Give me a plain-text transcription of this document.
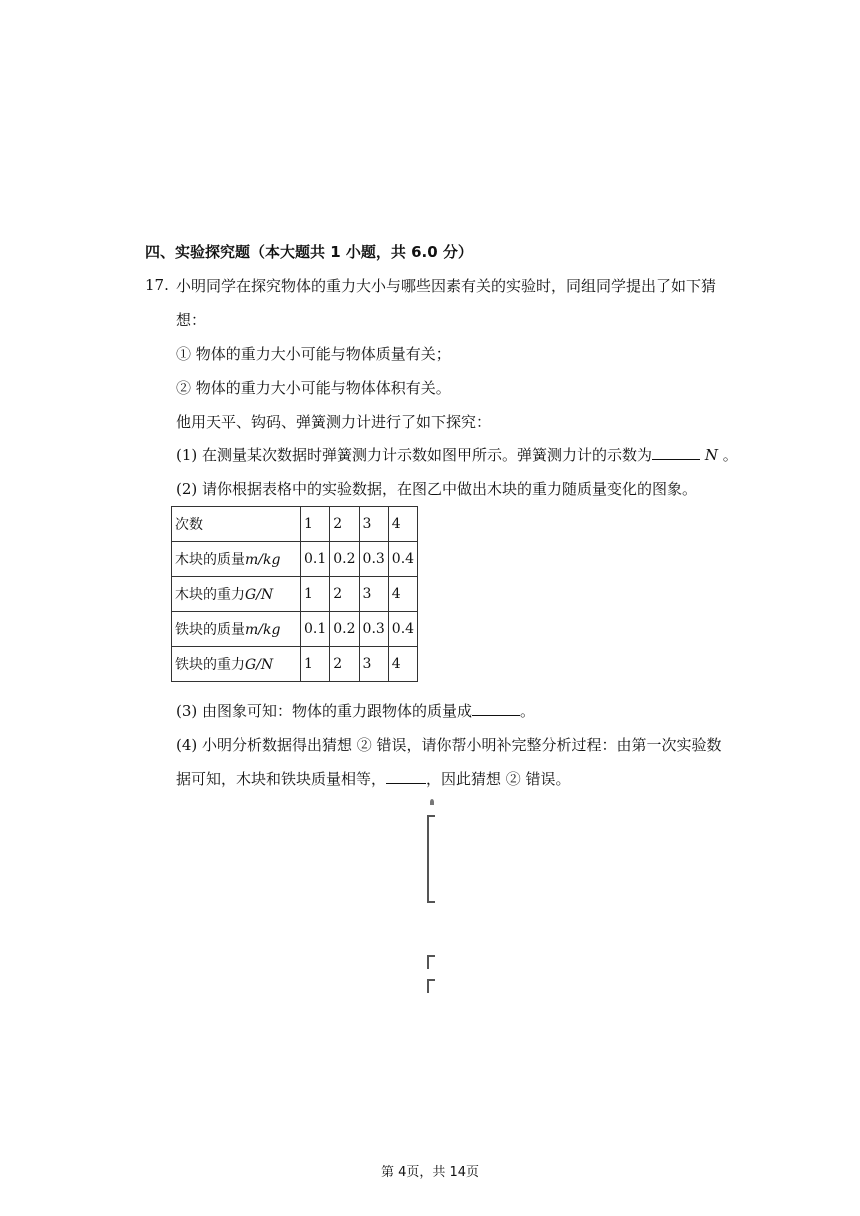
四、实验探究题（本大题共 1 小题，共 6.0 分）
17. 小明同学在探究物体的重力大小与哪些因素有关的实验时，同组同学提出了如下猜
想：
① 物体的重力大小可能与物体质量有关；
② 物体的重力大小可能与物体体积有关。
他用天平、钩码、弹簧测力计进行了如下探究：
(1) 在测量某次数据时弹簧测力计示数如图甲所示。弹簧测力计的示数为	N 。
(2) 请你根据表格中的实验数据，在图乙中做出木块的重力随质量变化的图象。
次数	1	2	3	4
木块的质量m/kg	0.1	0.2	0.3	0.4
木块的重力G/N	1	2	3	4
铁块的质量m/kg	0.1	0.2	0.3	0.4
铁块的重力G/N	1	2	3	4
(3) 由图象可知：物体的重力跟物体的质量成	。
(4) 小明分析数据得出猜想 ② 错误，请你帮小明补完整分析过程：由第一次实验数
据可知，木块和铁块质量相等，	，因此猜想 ② 错误。
第 4页，共 14页
